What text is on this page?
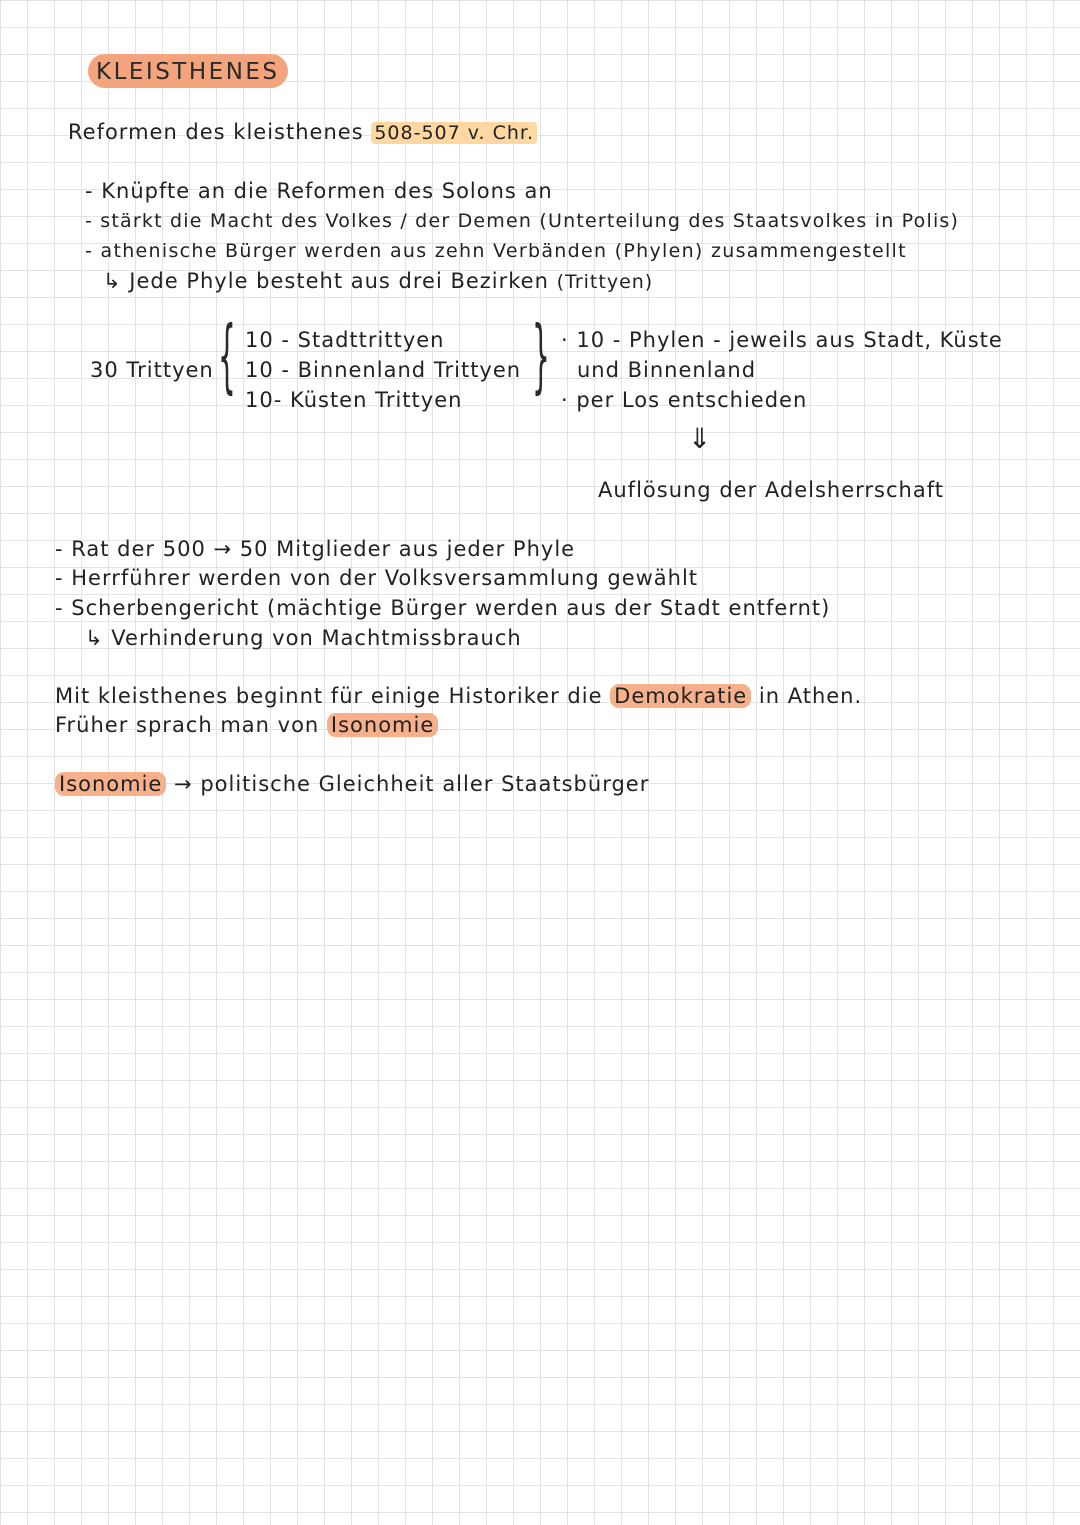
KLEISTHENES
Reformen des kleisthenes 508-507 v. Chr.
- Knüpfte an die Reformen des Solons an
- stärkt die Macht des Volkes / der Demen (Unterteilung des Staatsvolkes in Polis)
- athenische Bürger werden aus zehn Verbänden (Phylen) zusammengestellt
↳ Jede Phyle besteht aus drei Bezirken (Trittyen)
30 Trittyen { 10 - Stadttrittyen
10 - Binnenland Trittyen
10- Küsten Trittyen } · 10 - Phylen - jeweils aus Stadt, Küste
und Binnenland
· per Los entschieden
⇓
Auflösung der Adelsherrschaft
- Rat der 500 → 50 Mitglieder aus jeder Phyle
- Herrführer werden von der Volksversammlung gewählt
- Scherbengericht (mächtige Bürger werden aus der Stadt entfernt)
↳ Verhinderung von Machtmissbrauch
Mit kleisthenes beginnt für einige Historiker die Demokratie in Athen.
Früher sprach man von Isonomie
Isonomie → politische Gleichheit aller Staatsbürger
